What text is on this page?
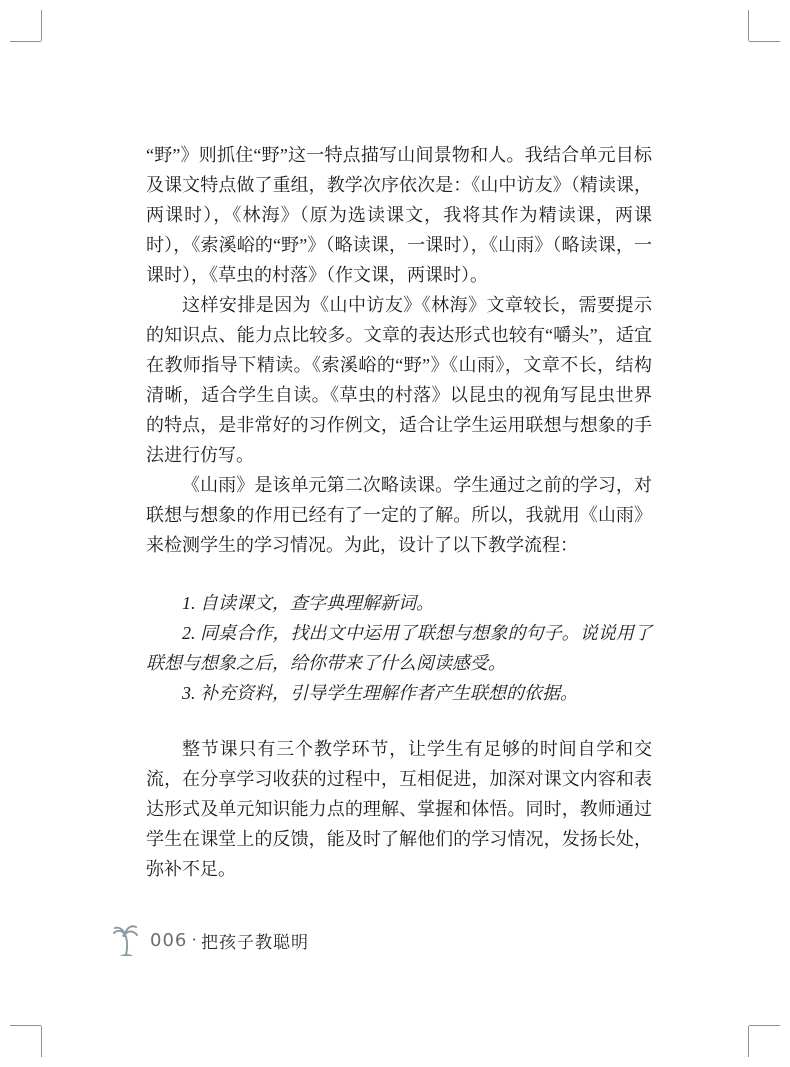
“野”》则抓住“野”这一特点描写山间景物和人。我结合单元目标及课文特点做了重组，教学次序依次是：《山中访友》（精读课，两课时），《林海》（原为选读课文，我将其作为精读课，两课时），《索溪峪的“野”》（略读课，一课时），《山雨》（略读课，一课时），《草虫的村落》（作文课，两课时）。

这样安排是因为《山中访友》《林海》文章较长，需要提示的知识点、能力点比较多。文章的表达形式也较有“嚼头”，适宜在教师指导下精读。《索溪峪的“野”》《山雨》，文章不长，结构清晰，适合学生自读。《草虫的村落》以昆虫的视角写昆虫世界的特点，是非常好的习作例文，适合让学生运用联想与想象的手法进行仿写。

《山雨》是该单元第二次略读课。学生通过之前的学习，对联想与想象的作用已经有了一定的了解。所以，我就用《山雨》来检测学生的学习情况。为此，设计了以下教学流程：

1. 自读课文，查字典理解新词。

2. 同桌合作，找出文中运用了联想与想象的句子。说说用了联想与想象之后，给你带来了什么阅读感受。

3. 补充资料，引导学生理解作者产生联想的依据。

整节课只有三个教学环节，让学生有足够的时间自学和交流，在分享学习收获的过程中，互相促进，加深对课文内容和表达形式及单元知识能力点的理解、掌握和体悟。同时，教师通过学生在课堂上的反馈，能及时了解他们的学习情况，发扬长处，弥补不足。

006 · 把孩子教聪明
